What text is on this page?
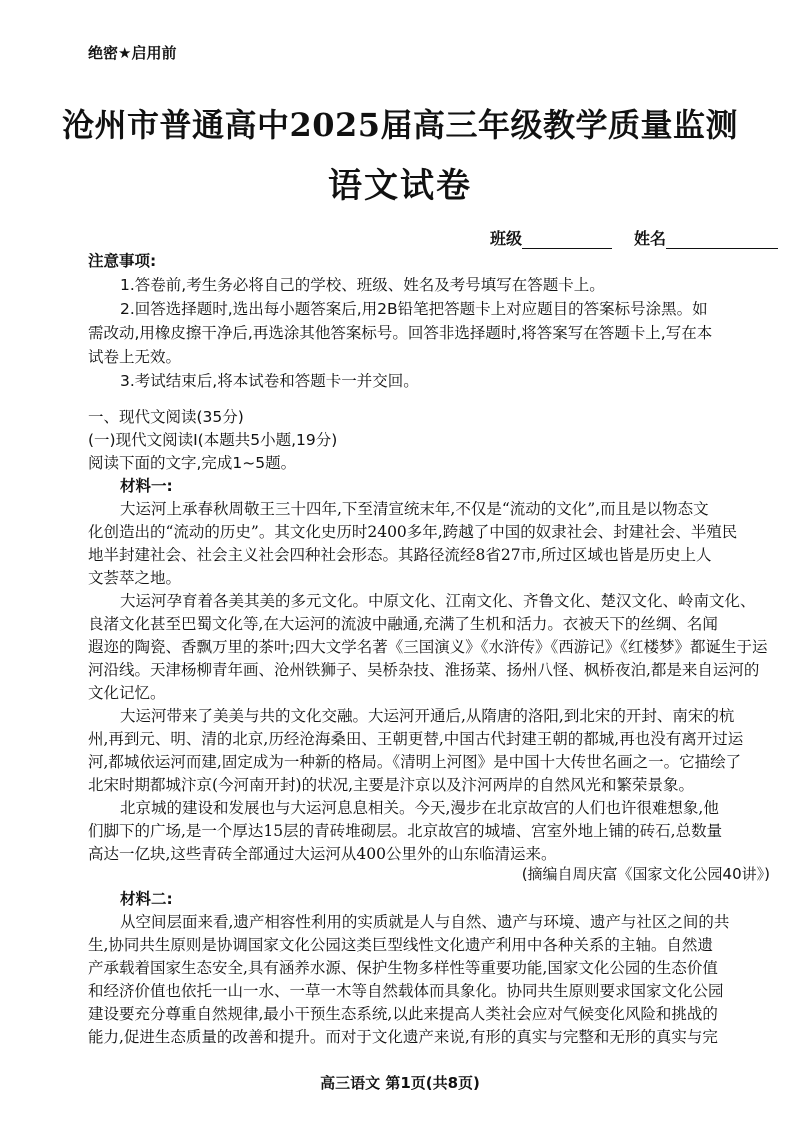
绝密★启用前
沧州市普通高中2025届高三年级教学质量监测
语文试卷
班级	姓名
注意事项:
1.答卷前,考生务必将自己的学校、班级、姓名及考号填写在答题卡上。
2.回答选择题时,选出每小题答案后,用2B铅笔把答题卡上对应题目的答案标号涂黑。如
需改动,用橡皮擦干净后,再选涂其他答案标号。回答非选择题时,将答案写在答题卡上,写在本
试卷上无效。
3.考试结束后,将本试卷和答题卡一并交回。
一、现代文阅读(35分)
(一)现代文阅读Ⅰ(本题共5小题,19分)
阅读下面的文字,完成1~5题。
材料一:
大运河上承春秋周敬王三十四年,下至清宣统末年,不仅是“流动的文化”,而且是以物态文
化创造出的“流动的历史”。其文化史历时2400多年,跨越了中国的奴隶社会、封建社会、半殖民
地半封建社会、社会主义社会四种社会形态。其路径流经8省27市,所过区域也皆是历史上人
文荟萃之地。
大运河孕育着各美其美的多元文化。中原文化、江南文化、齐鲁文化、楚汉文化、岭南文化、
良渚文化甚至巴蜀文化等,在大运河的流波中融通,充满了生机和活力。衣被天下的丝绸、名闻
遐迩的陶瓷、香飘万里的茶叶;四大文学名著《三国演义》《水浒传》《西游记》《红楼梦》都诞生于运
河沿线。天津杨柳青年画、沧州铁狮子、吴桥杂技、淮扬菜、扬州八怪、枫桥夜泊,都是来自运河的
文化记忆。
大运河带来了美美与共的文化交融。大运河开通后,从隋唐的洛阳,到北宋的开封、南宋的杭
州,再到元、明、清的北京,历经沧海桑田、王朝更替,中国古代封建王朝的都城,再也没有离开过运
河,都城依运河而建,固定成为一种新的格局。《清明上河图》是中国十大传世名画之一。它描绘了
北宋时期都城汴京(今河南开封)的状况,主要是汴京以及汴河两岸的自然风光和繁荣景象。
北京城的建设和发展也与大运河息息相关。今天,漫步在北京故宫的人们也许很难想象,他
们脚下的广场,是一个厚达15层的青砖堆砌层。北京故宫的城墙、宫室外地上铺的砖石,总数量
高达一亿块,这些青砖全部通过大运河从400公里外的山东临清运来。
(摘编自周庆富《国家文化公园40讲》)
材料二:
从空间层面来看,遗产相容性利用的实质就是人与自然、遗产与环境、遗产与社区之间的共
生,协同共生原则是协调国家文化公园这类巨型线性文化遗产利用中各种关系的主轴。自然遗
产承载着国家生态安全,具有涵养水源、保护生物多样性等重要功能,国家文化公园的生态价值
和经济价值也依托一山一水、一草一木等自然载体而具象化。协同共生原则要求国家文化公园
建设要充分尊重自然规律,最小干预生态系统,以此来提高人类社会应对气候变化风险和挑战的
能力,促进生态质量的改善和提升。而对于文化遗产来说,有形的真实与完整和无形的真实与完
高三语文 第1页(共8页)
